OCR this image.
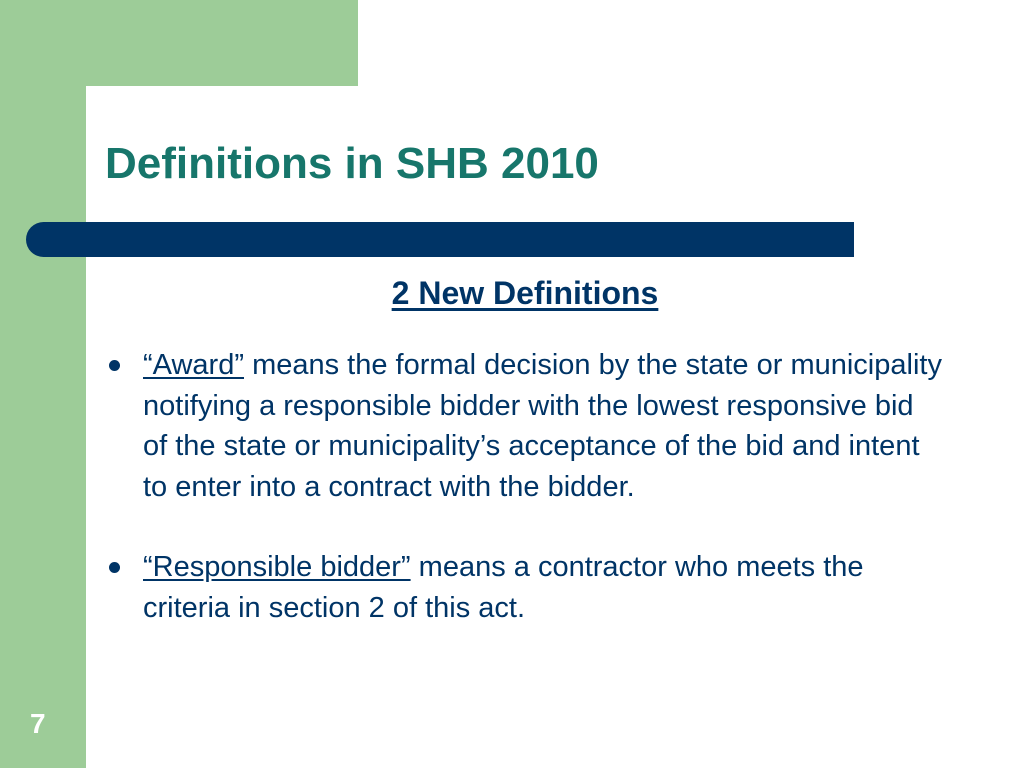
Definitions in SHB 2010
2 New Definitions
“Award” means the formal decision by the state or municipality notifying a responsible bidder with the lowest responsive bid of the state or municipality’s acceptance of the bid and intent to enter into a contract with the bidder.
“Responsible bidder” means a contractor who meets the criteria in section 2 of this act.
7
